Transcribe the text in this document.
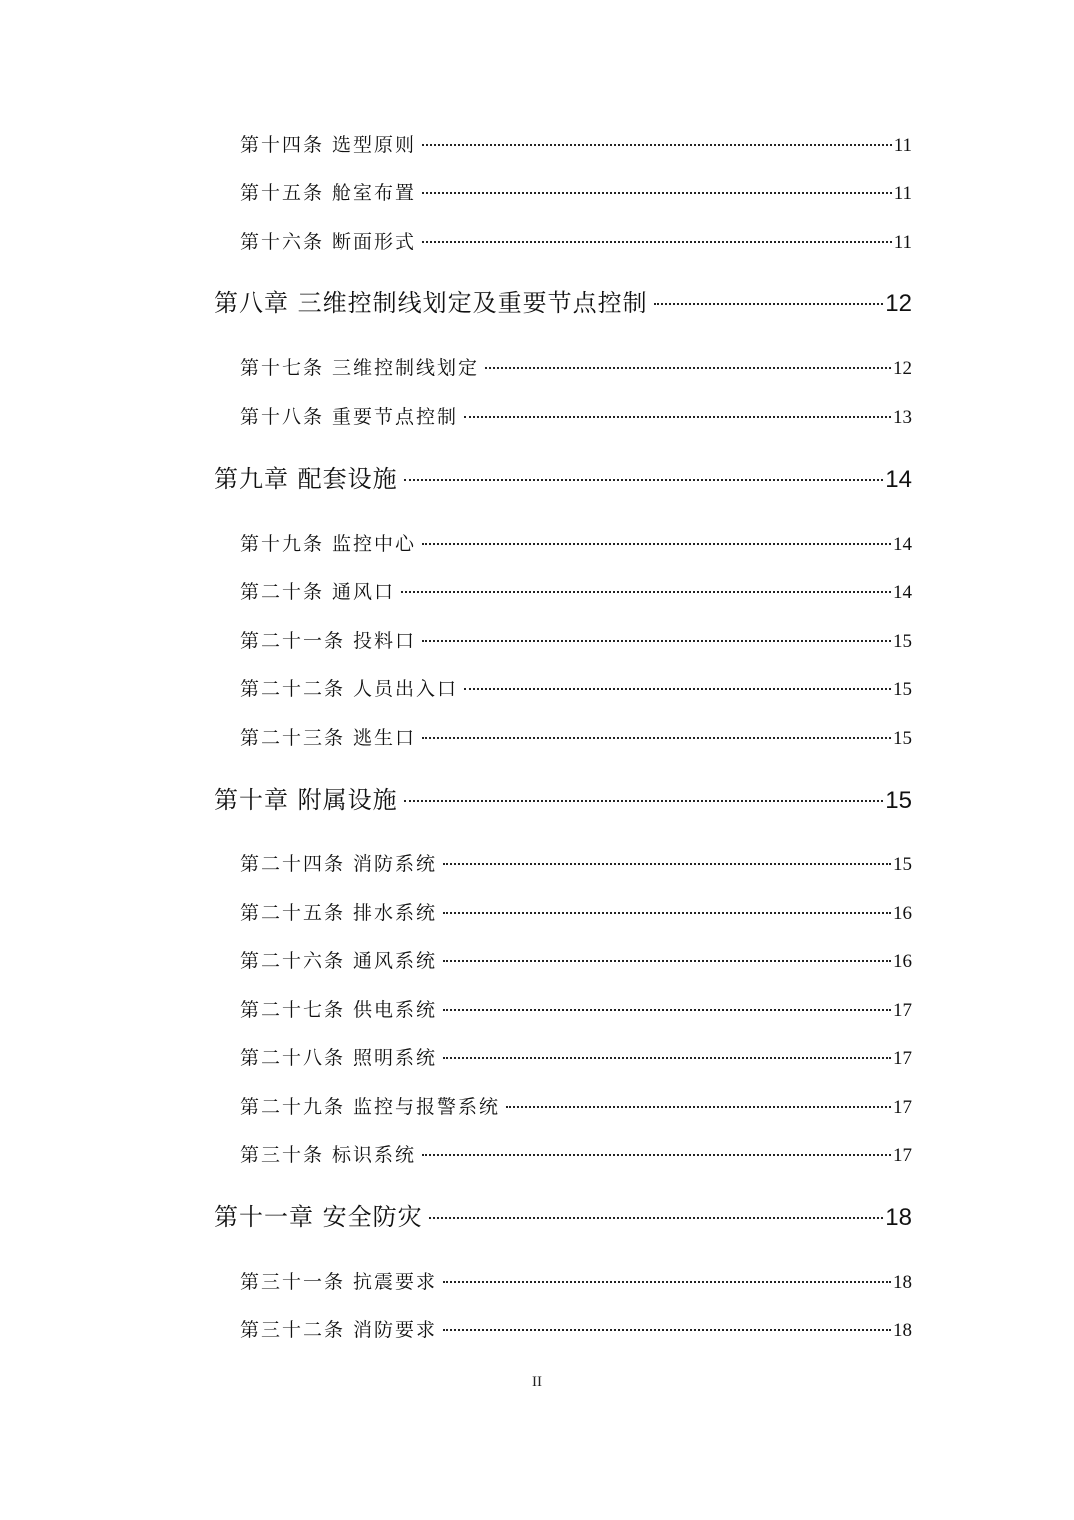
第十四条 选型原则	11
第十五条 舱室布置	11
第十六条 断面形式	11
第八章 三维控制线划定及重要节点控制	12
第十七条 三维控制线划定	12
第十八条 重要节点控制	13
第九章 配套设施	14
第十九条 监控中心	14
第二十条 通风口	14
第二十一条 投料口	15
第二十二条 人员出入口	15
第二十三条 逃生口	15
第十章 附属设施	15
第二十四条 消防系统	15
第二十五条 排水系统	16
第二十六条 通风系统	16
第二十七条 供电系统	17
第二十八条 照明系统	17
第二十九条 监控与报警系统	17
第三十条 标识系统	17
第十一章 安全防灾	18
第三十一条 抗震要求	18
第三十二条 消防要求	18
II
